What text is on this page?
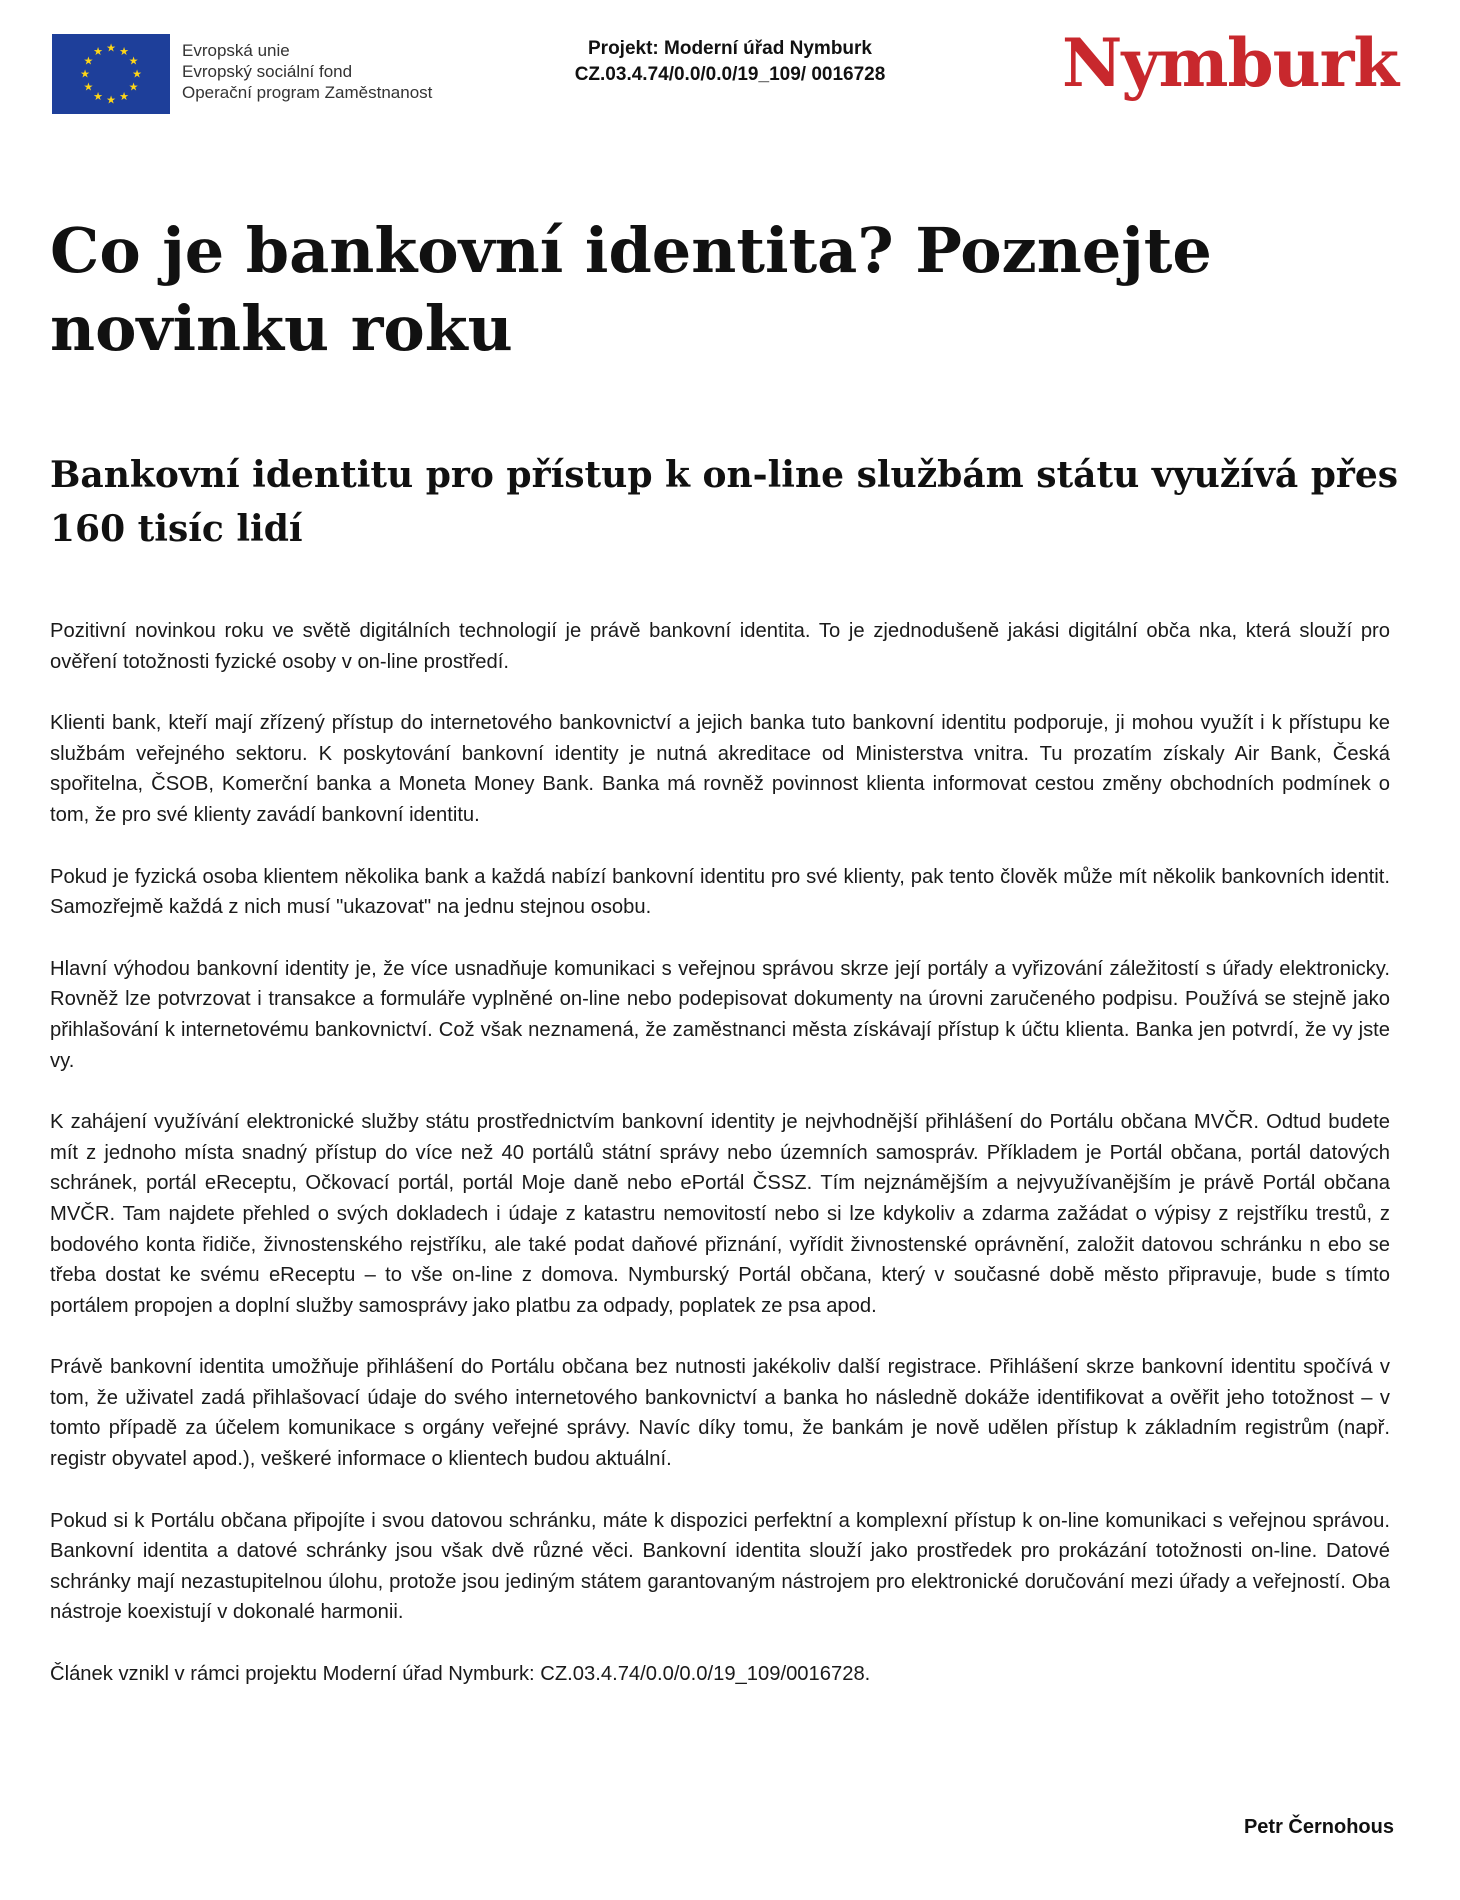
★ ★
★
★
★
★
★
★
★
★
★
★	Evropská unie
Evropský sociální fond
Operační program Zaměstnanost
Projekt: Moderní úřad Nymburk
CZ.03.4.74/0.0/0.0/19_109/ 0016728	Nymburk
Co je bankovní identita? Poznejte novinku roku
Bankovní identitu pro přístup k on-line službám státu využívá přes 160 tisíc lidí

Pozitivní novinkou roku ve světě digitálních technologií je právě bankovní identita. To je zjednodušeně jakási digitální obča nka, která slouží pro ověření totožnosti fyzické osoby v on-line prostředí.

Klienti bank, kteří mají zřízený přístup do internetového bankovnictví a jejich banka tuto bankovní identitu podporuje, ji mohou využít i k přístupu ke službám veřejného sektoru. K poskytování bankovní identity je nutná akreditace od Ministerstva vnitra. Tu prozatím získaly Air Bank, Česká spořitelna, ČSOB, Komerční banka a Moneta Money Bank. Banka má rovněž povinnost klienta informovat cestou změny obchodních podmínek o tom, že pro své klienty zavádí bankovní identitu.

Pokud je fyzická osoba klientem několika bank a každá nabízí bankovní identitu pro své klienty, pak tento člověk může mít několik bankovních identit. Samozřejmě každá z nich musí "ukazovat" na jednu stejnou osobu.

Hlavní výhodou bankovní identity je, že více usnadňuje komunikaci s veřejnou správou skrze její portály a vyřizování záležitostí s úřady elektronicky. Rovněž lze potvrzovat i transakce a formuláře vyplněné on-line nebo podepisovat dokumenty na úrovni zaručeného podpisu. Používá se stejně jako přihlašování k internetovému bankovnictví. Což však neznamená, že zaměstnanci města získávají přístup k účtu klienta. Banka jen potvrdí, že vy jste vy.

K zahájení využívání elektronické služby státu prostřednictvím bankovní identity je nejvhodnější přihlášení do Portálu občana MVČR. Odtud budete mít z jednoho místa snadný přístup do více než 40 portálů státní správy nebo územních samospráv. Příkladem je Portál občana, portál datových schránek, portál eReceptu, Očkovací portál, portál Moje daně nebo ePortál ČSSZ. Tím nejznámějším a nejvyužívanějším je právě Portál občana MVČR. Tam najdete přehled o svých dokladech i údaje z katastru nemovitostí nebo si lze kdykoliv a zdarma zažádat o výpisy z rejstříku trestů, z bodového konta řidiče, živnostenského rejstříku, ale také podat daňové přiznání, vyřídit živnostenské oprávnění, založit datovou schránku n ebo se třeba dostat ke svému eReceptu – to vše on-line z domova. Nymburský Portál občana, který v současné době město připravuje, bude s tímto portálem propojen a doplní služby samosprávy jako platbu za odpady, poplatek ze psa apod.

Právě bankovní identita umožňuje přihlášení do Portálu občana bez nutnosti jakékoliv další registrace. Přihlášení skrze bankovní identitu spočívá v tom, že uživatel zadá přihlašovací údaje do svého internetového bankovnictví a banka ho následně dokáže identifikovat a ověřit jeho totožnost – v tomto případě za účelem komunikace s orgány veřejné správy. Navíc díky tomu, že bankám je nově udělen přístup k základním registrům (např. registr obyvatel apod.), veškeré informace o klientech budou aktuální.

Pokud si k Portálu občana připojíte i svou datovou schránku, máte k dispozici perfektní a komplexní přístup k on-line komunikaci s veřejnou správou. Bankovní identita a datové schránky jsou však dvě různé věci. Bankovní identita slouží jako prostředek pro prokázání totožnosti on-line. Datové schránky mají nezastupitelnou úlohu, protože jsou jediným státem garantovaným nástrojem pro elektronické doručování mezi úřady a veřejností. Oba nástroje koexistují v dokonalé harmonii.

Článek vznikl v rámci projektu Moderní úřad Nymburk: CZ.03.4.74/0.0/0.0/19_109/0016728.

Petr Černohous
